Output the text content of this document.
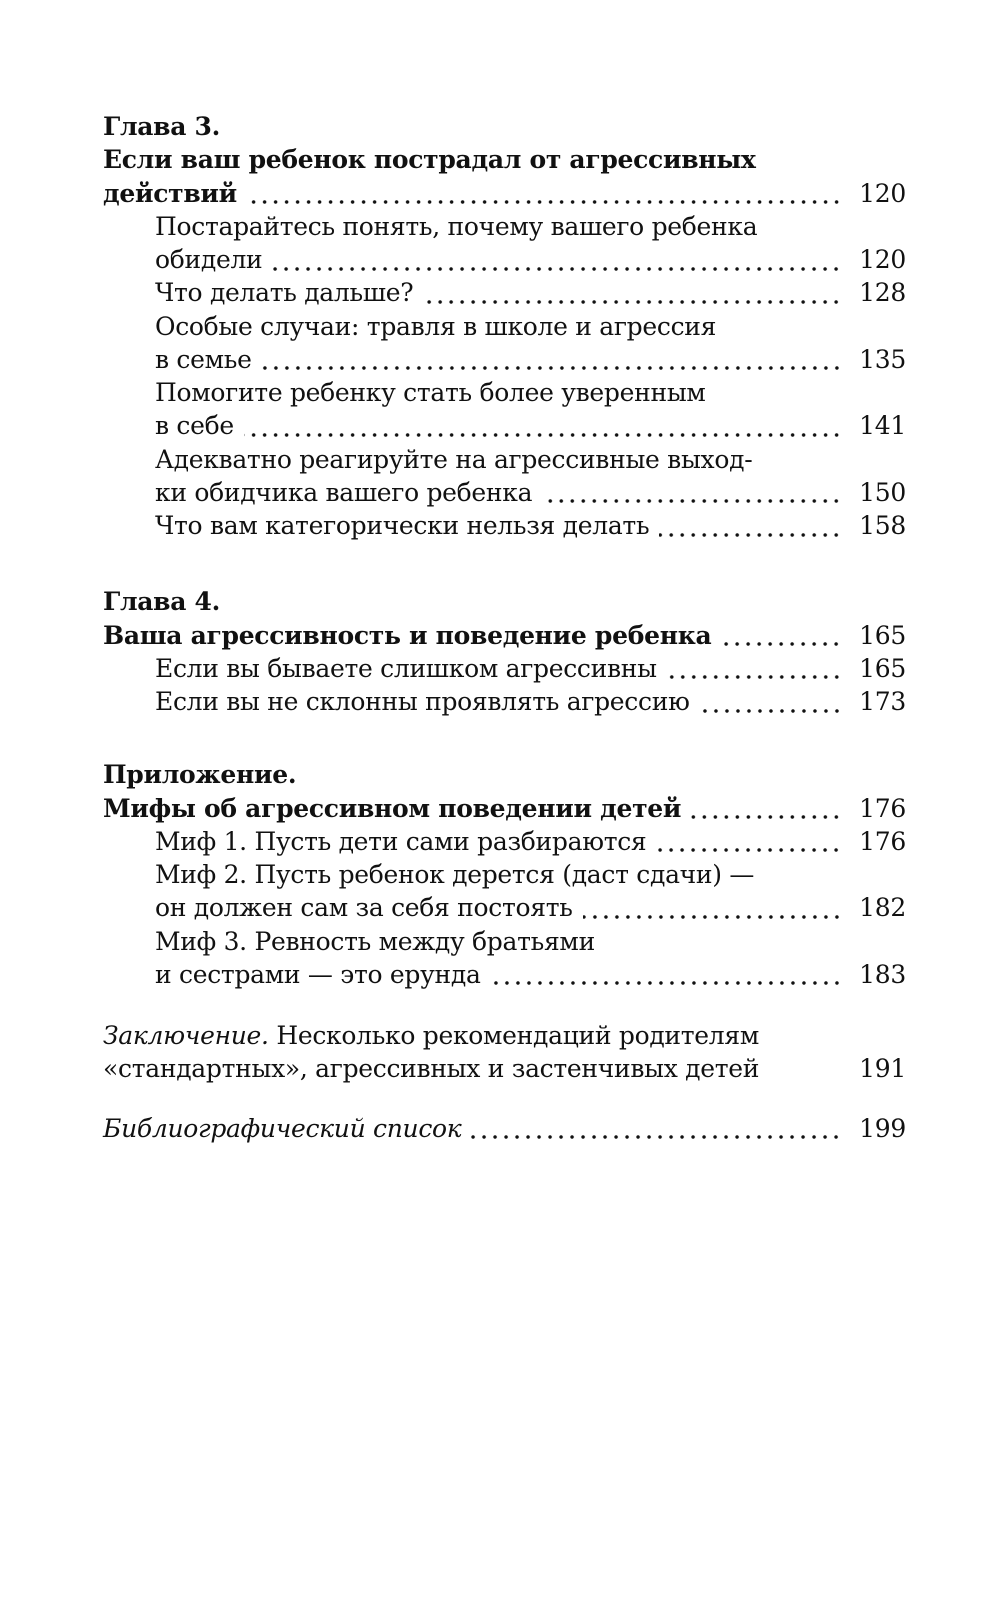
Глава 3.
Если ваш ребенок пострадал от агрессивных
действий	120
Постарайтесь понять, почему вашего ребенка
обидели	120
Что делать дальше?	128
Особые случаи: травля в школе и агрессия
в семье	135
Помогите ребенку стать более уверенным
в себе	141
Адекватно реагируйте на агрессивные выход-
ки обидчика вашего ребенка	150
Что вам категорически нельзя делать	158
Глава 4.
Ваша агрессивность и поведение ребенка	165
Если вы бываете слишком агрессивны	165
Если вы не склонны проявлять агрессию	173
Приложение.
Мифы об агрессивном поведении детей	176
Миф 1. Пусть дети сами разбираются	176
Миф 2. Пусть ребенок дерется (даст сдачи) —
он должен сам за себя постоять	182
Миф 3. Ревность между братьями
и сестрами — это ерунда	183
Заключение. Несколько рекомендаций родителям
«стандартных», агрессивных и застенчивых детей	191
Библиографический список	199
